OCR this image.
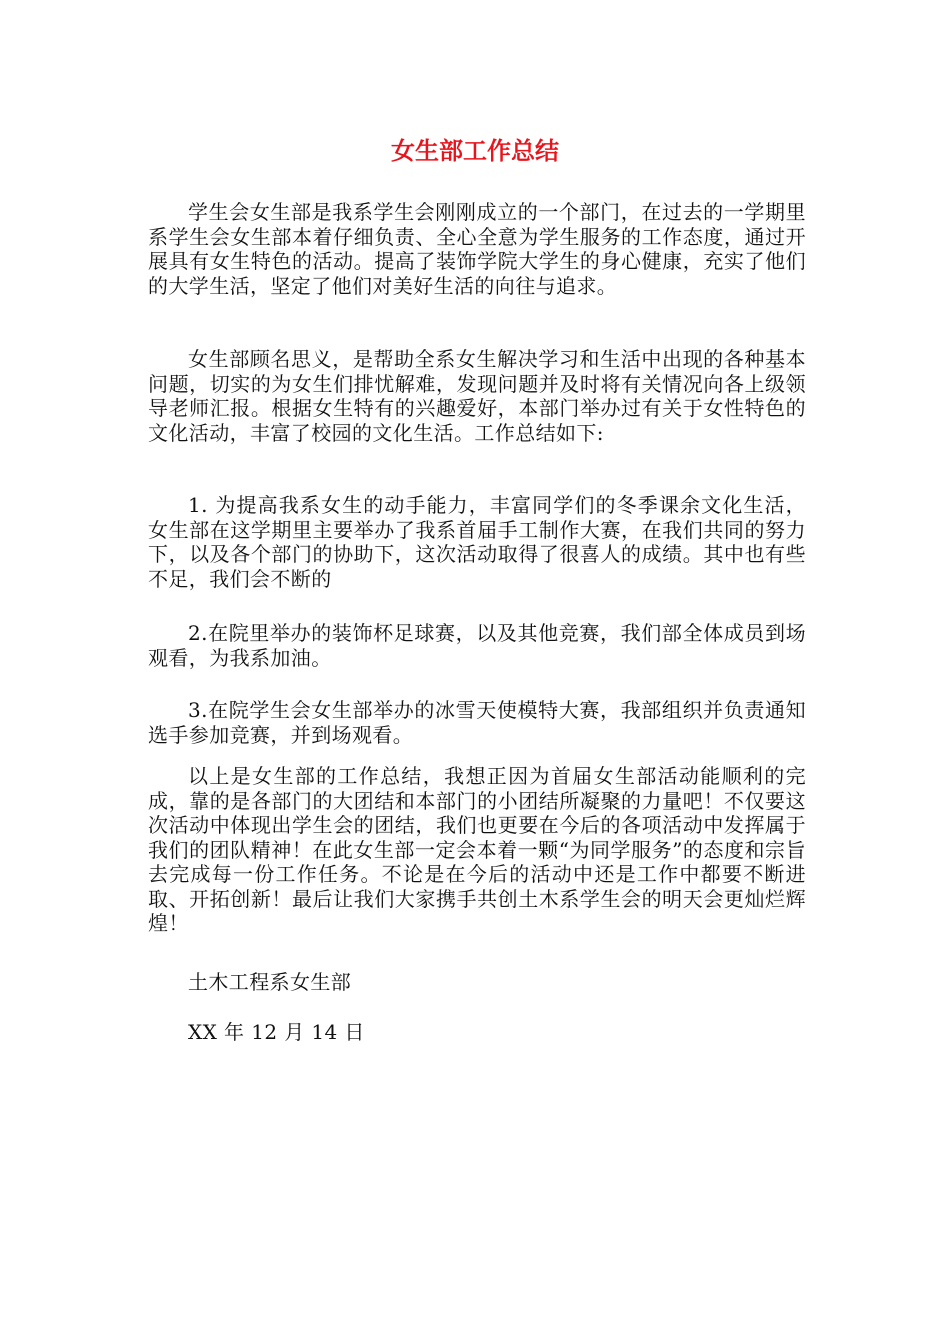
女生部工作总结

学生会女生部是我系学生会刚刚成立的一个部门，在过去的一学期里系学生会女生部本着仔细负责、全心全意为学生服务的工作态度，通过开展具有女生特色的活动。提高了装饰学院大学生的身心健康，充实了他们的大学生活，坚定了他们对美好生活的向往与追求。

女生部顾名思义，是帮助全系女生解决学习和生活中出现的各种基本问题，切实的为女生们排忧解难，发现问题并及时将有关情况向各上级领导老师汇报。根据女生特有的兴趣爱好，本部门举办过有关于女性特色的文化活动，丰富了校园的文化生活。工作总结如下:

1. 为提高我系女生的动手能力，丰富同学们的冬季课余文化生活，女生部在这学期里主要举办了我系首届手工制作大赛，在我们共同的努力下，以及各个部门的协助下，这次活动取得了很喜人的成绩。其中也有些不足，我们会不断的

2.在院里举办的装饰杯足球赛，以及其他竞赛，我们部全体成员到场观看，为我系加油。

3.在院学生会女生部举办的冰雪天使模特大赛，我部组织并负责通知选手参加竞赛，并到场观看。

以上是女生部的工作总结，我想正因为首届女生部活动能顺利的完成，靠的是各部门的大团结和本部门的小团结所凝聚的力量吧！不仅要这次活动中体现出学生会的团结，我们也更要在今后的各项活动中发挥属于我们的团队精神！在此女生部一定会本着一颗“为同学服务”的态度和宗旨去完成每一份工作任务。不论是在今后的活动中还是工作中都要不断进取、开拓创新！最后让我们大家携手共创土木系学生会的明天会更灿烂辉煌！

土木工程系女生部

XX 年 12 月 14 日
